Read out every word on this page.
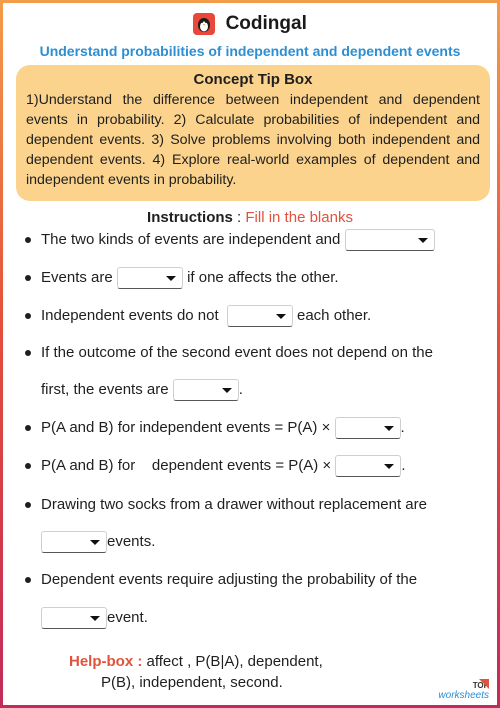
Codingal
Understand probabilities of independent and dependent events
Concept Tip Box
1)Understand the difference between independent and dependent events in probability. 2) Calculate probabilities of independent and dependent events. 3) Solve problems involving both independent and dependent events. 4) Explore real-world examples of dependent and independent events in probability.
Instructions : Fill in the blanks
The two kinds of events are independent and
Events are	if one affects the other.
Independent events do not	each other.
If the outcome of the second event does not depend on the
first, the events are	.
P(A and B) for independent events = P(A) ×	.
P(A and B) for    dependent events = P(A) ×	.
Drawing two socks from a drawer without replacement are
events.
Dependent events require adjusting the probability of the
event.
Help-box : affect , P(B|A), dependent,
P(B), independent, second.	TOP
worksheets
